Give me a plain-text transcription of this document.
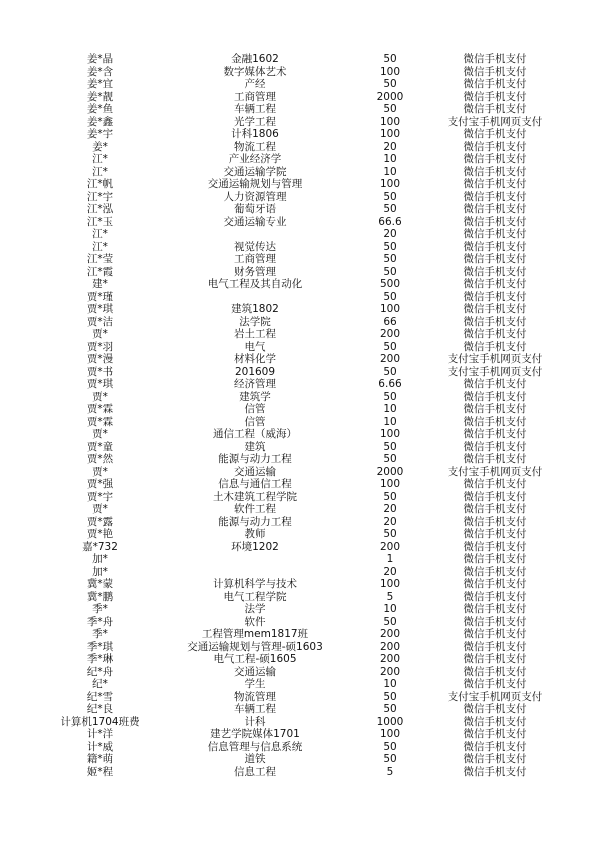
姜*晶	金融1602	50	微信手机支付
姜*含	数字媒体艺术	100	微信手机支付
姜*宜	产经	50	微信手机支付
姜*靓	工商管理	2000	微信手机支付
姜*鱼	车辆工程	50	微信手机支付
姜*鑫	光学工程	100	支付宝手机网页支付
姜*宇	计科1806	100	微信手机支付
姜*	物流工程	20	微信手机支付
江*	产业经济学	10	微信手机支付
江*	交通运输学院	10	微信手机支付
江*帆	交通运输规划与管理	100	微信手机支付
江*宇	人力资源管理	50	微信手机支付
江*泓	葡萄牙语	50	微信手机支付
江*玉	交通运输专业	66.6	微信手机支付
江*		20	微信手机支付
江*	视觉传达	50	微信手机支付
江*莹	工商管理	50	微信手机支付
江*霞	财务管理	50	微信手机支付
建*	电气工程及其自动化	500	微信手机支付
贾*瑾		50	微信手机支付
贾*琪	建筑1802	100	微信手机支付
贾*洁	法学院	66	微信手机支付
贾*	岩土工程	200	微信手机支付
贾*羽	电气	50	微信手机支付
贾*漫	材料化学	200	支付宝手机网页支付
贾*书	201609	50	支付宝手机网页支付
贾*琪	经济管理	6.66	微信手机支付
贾*	建筑学	50	微信手机支付
贾*霖	信管	10	微信手机支付
贾*霖	信管	10	微信手机支付
贾*	通信工程（威海）	100	微信手机支付
贾*童	建筑	50	微信手机支付
贾*然	能源与动力工程	50	微信手机支付
贾*	交通运输	2000	支付宝手机网页支付
贾*强	信息与通信工程	100	微信手机支付
贾*宇	土木建筑工程学院	50	微信手机支付
贾*	软件工程	20	微信手机支付
贾*露	能源与动力工程	20	微信手机支付
贾*艳	教师	50	微信手机支付
嘉*732	环境1202	200	微信手机支付
加*		1	微信手机支付
加*		20	微信手机支付
冀*蒙	计算机科学与技术	100	微信手机支付
冀*鹏	电气工程学院	5	微信手机支付
季*	法学	10	微信手机支付
季*舟	软件	50	微信手机支付
季*	工程管理mem1817班	200	微信手机支付
季*琪	交通运输规划与管理-硕1603	200	微信手机支付
季*琳	电气工程-硕1605	200	微信手机支付
纪*舟	交通运输	200	微信手机支付
纪*	学生	10	微信手机支付
纪*雪	物流管理	50	支付宝手机网页支付
纪*良	车辆工程	50	微信手机支付
计算机1704班费	计科	1000	微信手机支付
计*洋	建艺学院媒体1701	100	微信手机支付
计*威	信息管理与信息系统	50	微信手机支付
籍*萌	道铁	50	微信手机支付
姬*程	信息工程	5	微信手机支付
